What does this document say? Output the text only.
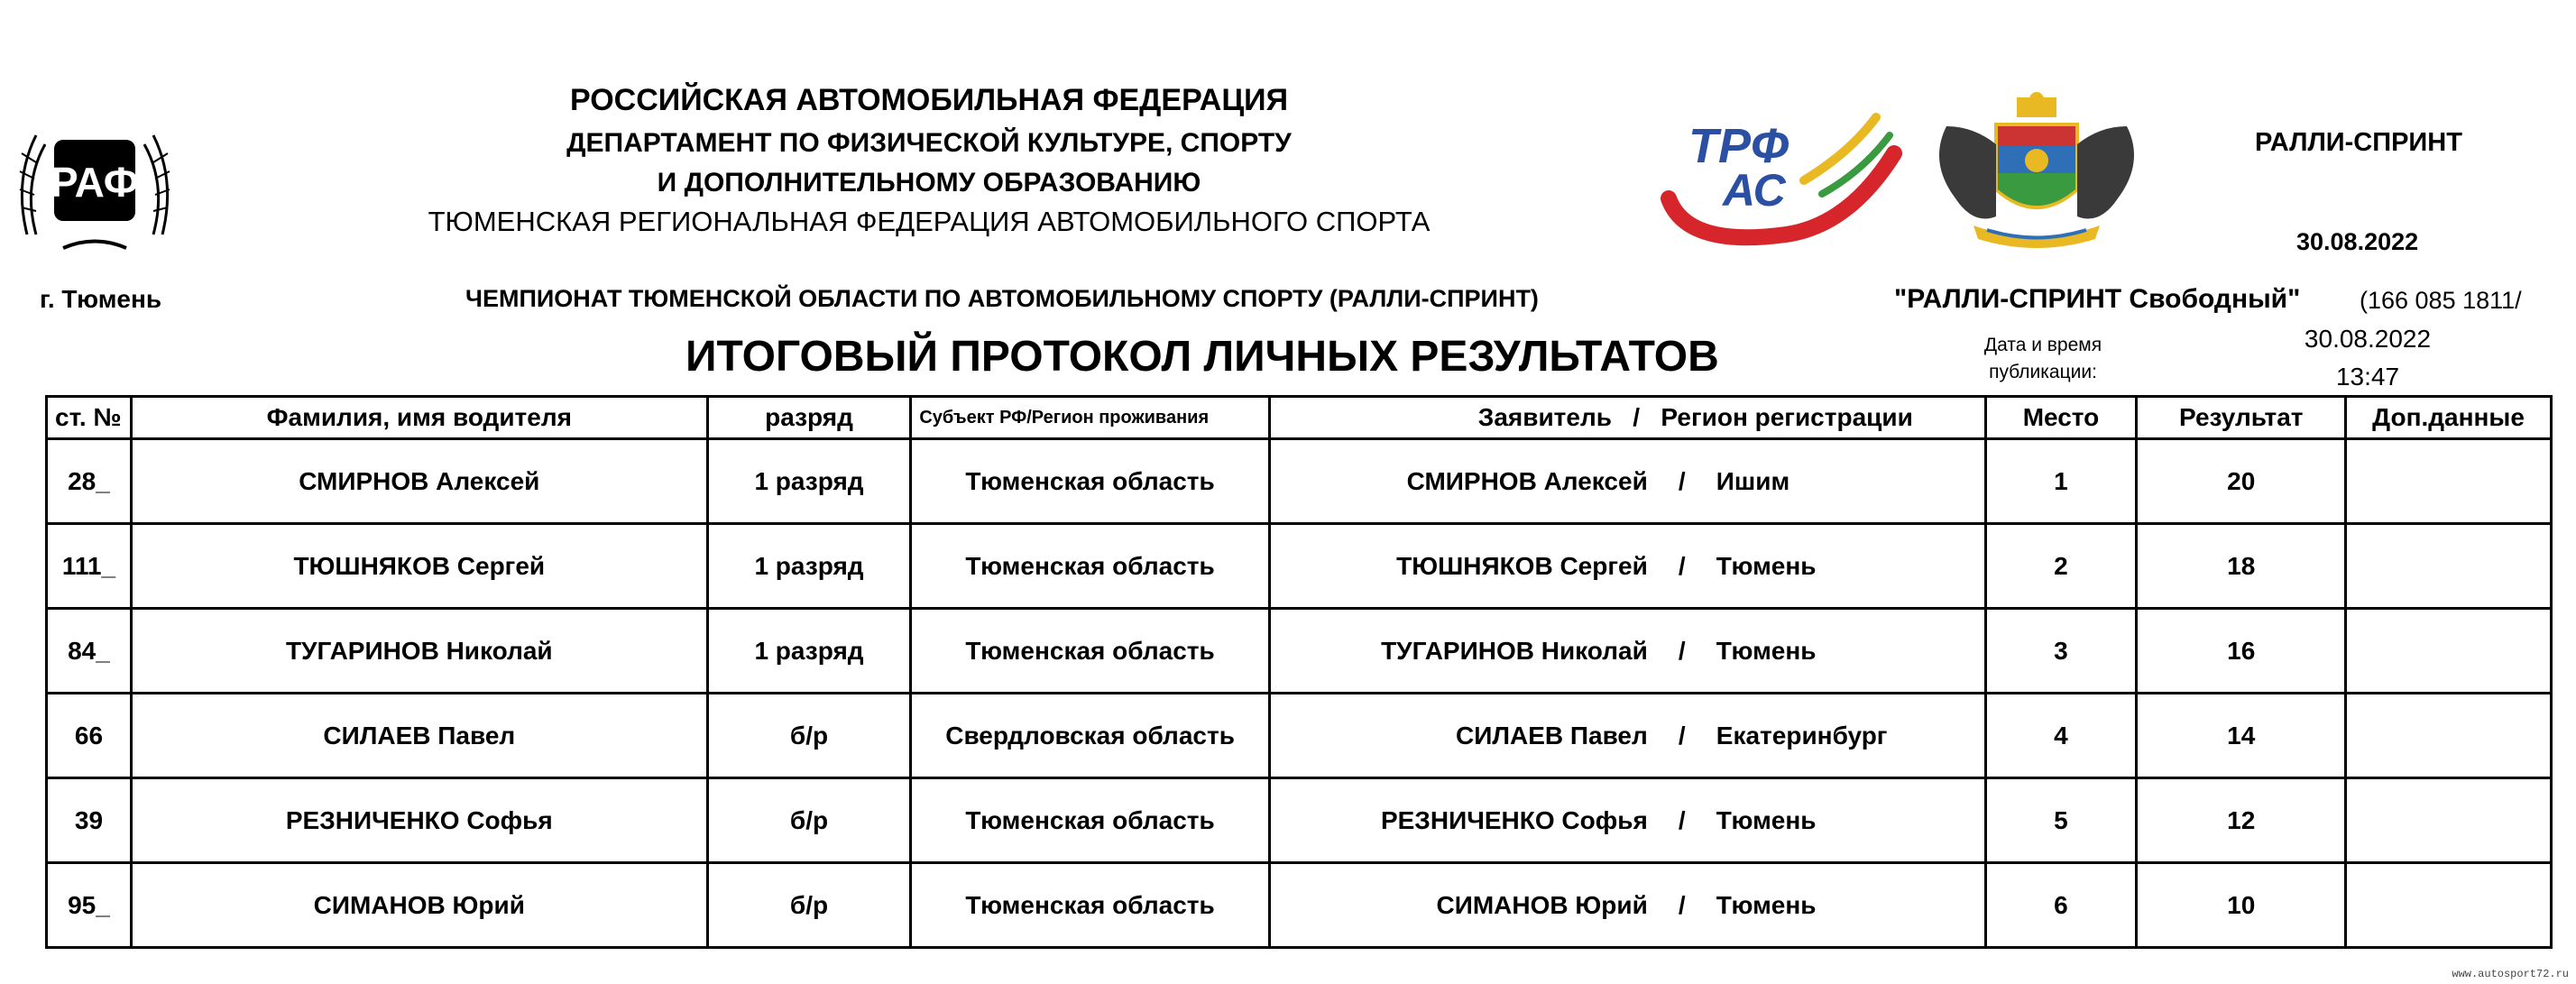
РАФ
РОССИЙСКАЯ АВТОМОБИЛЬНАЯ ФЕДЕРАЦИЯ
ДЕПАРТАМЕНТ ПО ФИЗИЧЕСКОЙ КУЛЬТУРЕ, СПОРТУ
И ДОПОЛНИТЕЛЬНОМУ ОБРАЗОВАНИЮ
ТЮМЕНСКАЯ РЕГИОНАЛЬНАЯ ФЕДЕРАЦИЯ АВТОМОБИЛЬНОГО СПОРТА
ТРФ
АС
РАЛЛИ-СПРИНТ
30.08.2022
г. Тюмень	ЧЕМПИОНАТ ТЮМЕНСКОЙ ОБЛАСТИ ПО АВТОМОБИЛЬНОМУ СПОРТУ (РАЛЛИ-СПРИНТ)	"РАЛЛИ-СПРИНТ Свободный" (166 085 1811/
ИТОГОВЫЙ ПРОТОКОЛ ЛИЧНЫХ РЕЗУЛЬТАТОВ	Дата и время публикации:
30.08.2022
13:47
ст. №	Фамилия, имя водителя	разряд	Субъект РФ/Регион проживания	Заявитель   /   Регион регистрации	Место	Результат	Доп.данные
28_	СМИРНОВ Алексей	1 разряд	Тюменская область	СМИРНОВ Алексей / Ишим	1	20	
111_	ТЮШНЯКОВ Сергей	1 разряд	Тюменская область	ТЮШНЯКОВ Сергей / Тюмень	2	18	
84_	ТУГАРИНОВ Николай	1 разряд	Тюменская область	ТУГАРИНОВ Николай / Тюмень	3	16	
66	СИЛАЕВ Павел	б/р	Свердловская область	СИЛАЕВ Павел / Екатеринбург	4	14	
39	РЕЗНИЧЕНКО Софья	б/р	Тюменская область	РЕЗНИЧЕНКО Софья / Тюмень	5	12	
95_	СИМАНОВ Юрий	б/р	Тюменская область	СИМАНОВ Юрий / Тюмень	6	10	
www.autosport72.ru
